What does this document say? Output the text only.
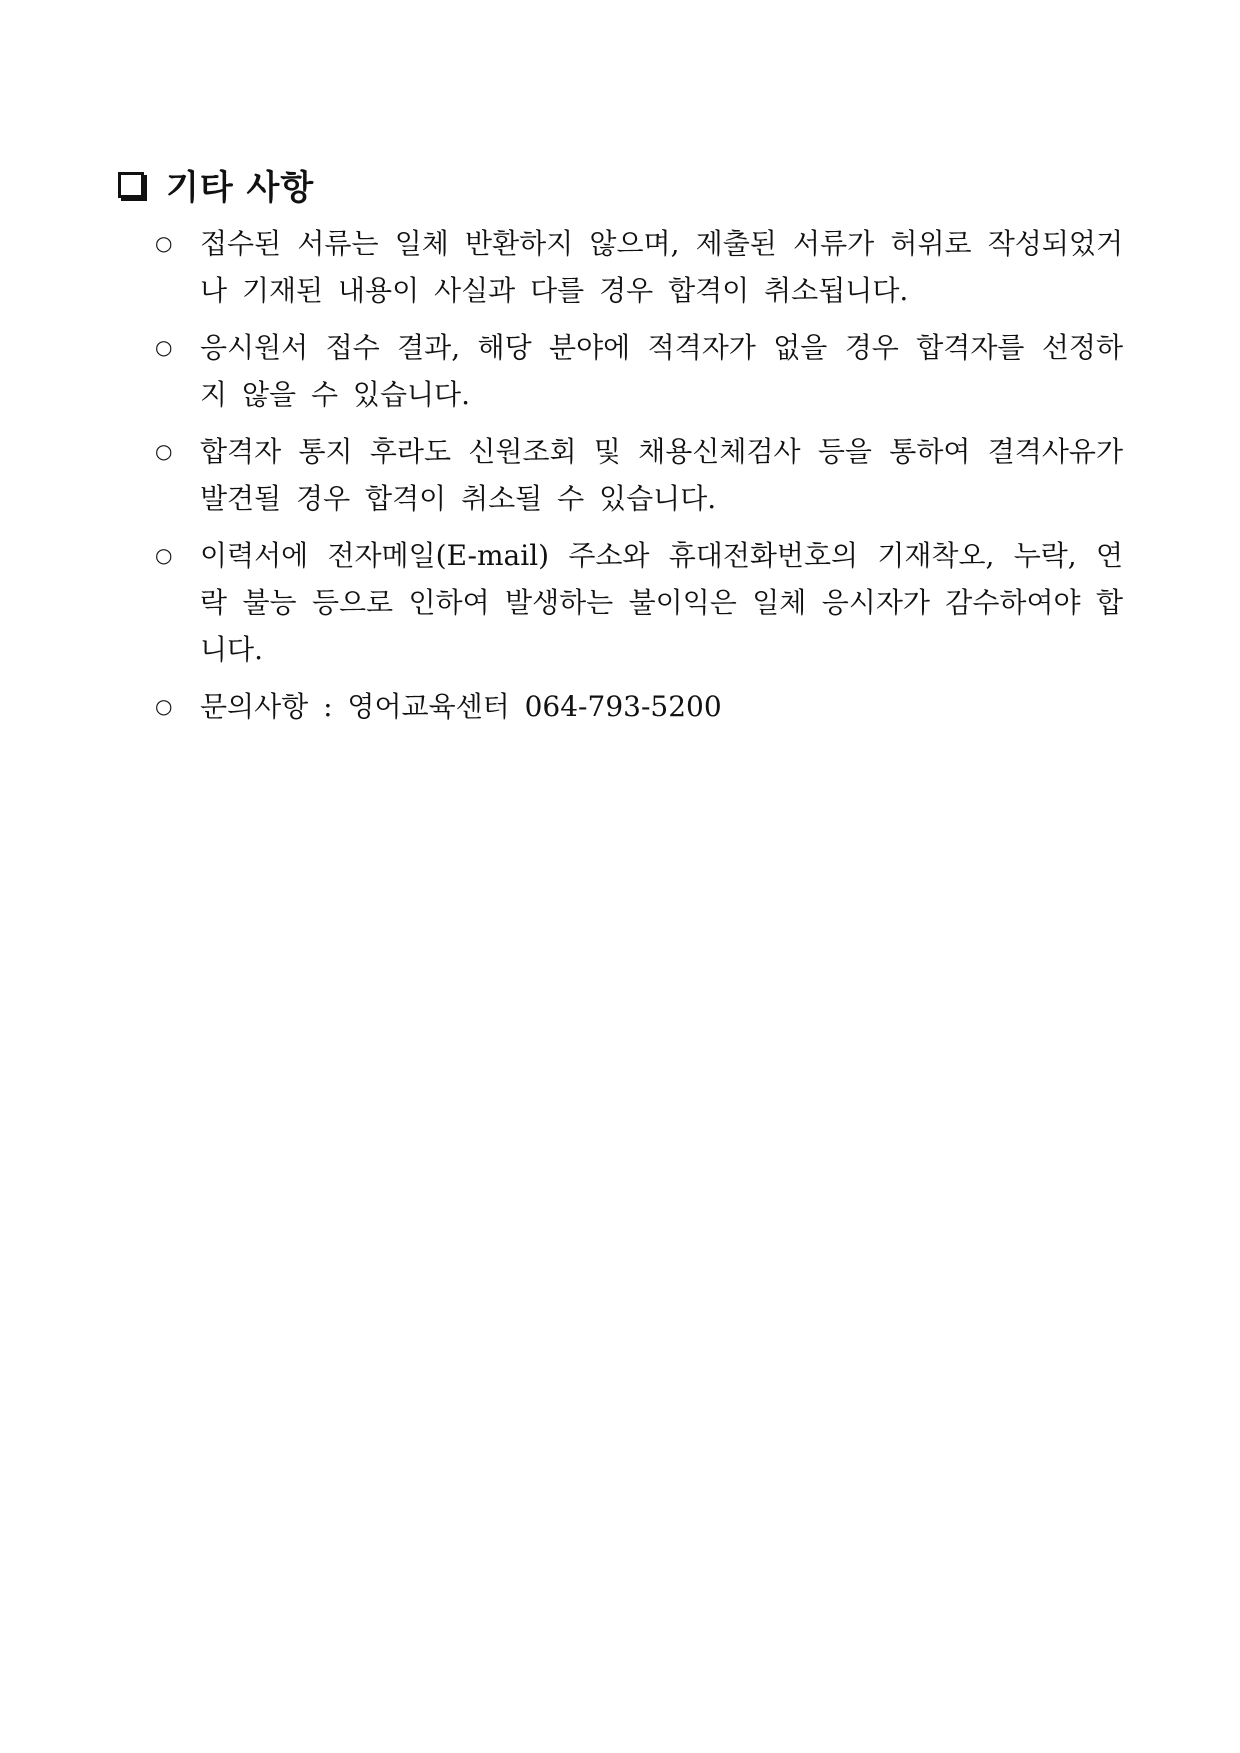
기타 사항
○ 접수된 서류는 일체 반환하지 않으며, 제출된 서류가 허위로 작성되었거나 기재된 내용이 사실과 다를 경우 합격이 취소됩니다.
○ 응시원서 접수 결과, 해당 분야에 적격자가 없을 경우 합격자를 선정하지 않을 수 있습니다.
○ 합격자 통지 후라도 신원조회 및 채용신체검사 등을 통하여 결격사유가 발견될 경우 합격이 취소될 수 있습니다.
○ 이력서에 전자메일(E-mail) 주소와 휴대전화번호의 기재착오, 누락, 연락 불능 등으로 인하여 발생하는 불이익은 일체 응시자가 감수하여야 합니다.
○ 문의사항 : 영어교육센터 064-793-5200
